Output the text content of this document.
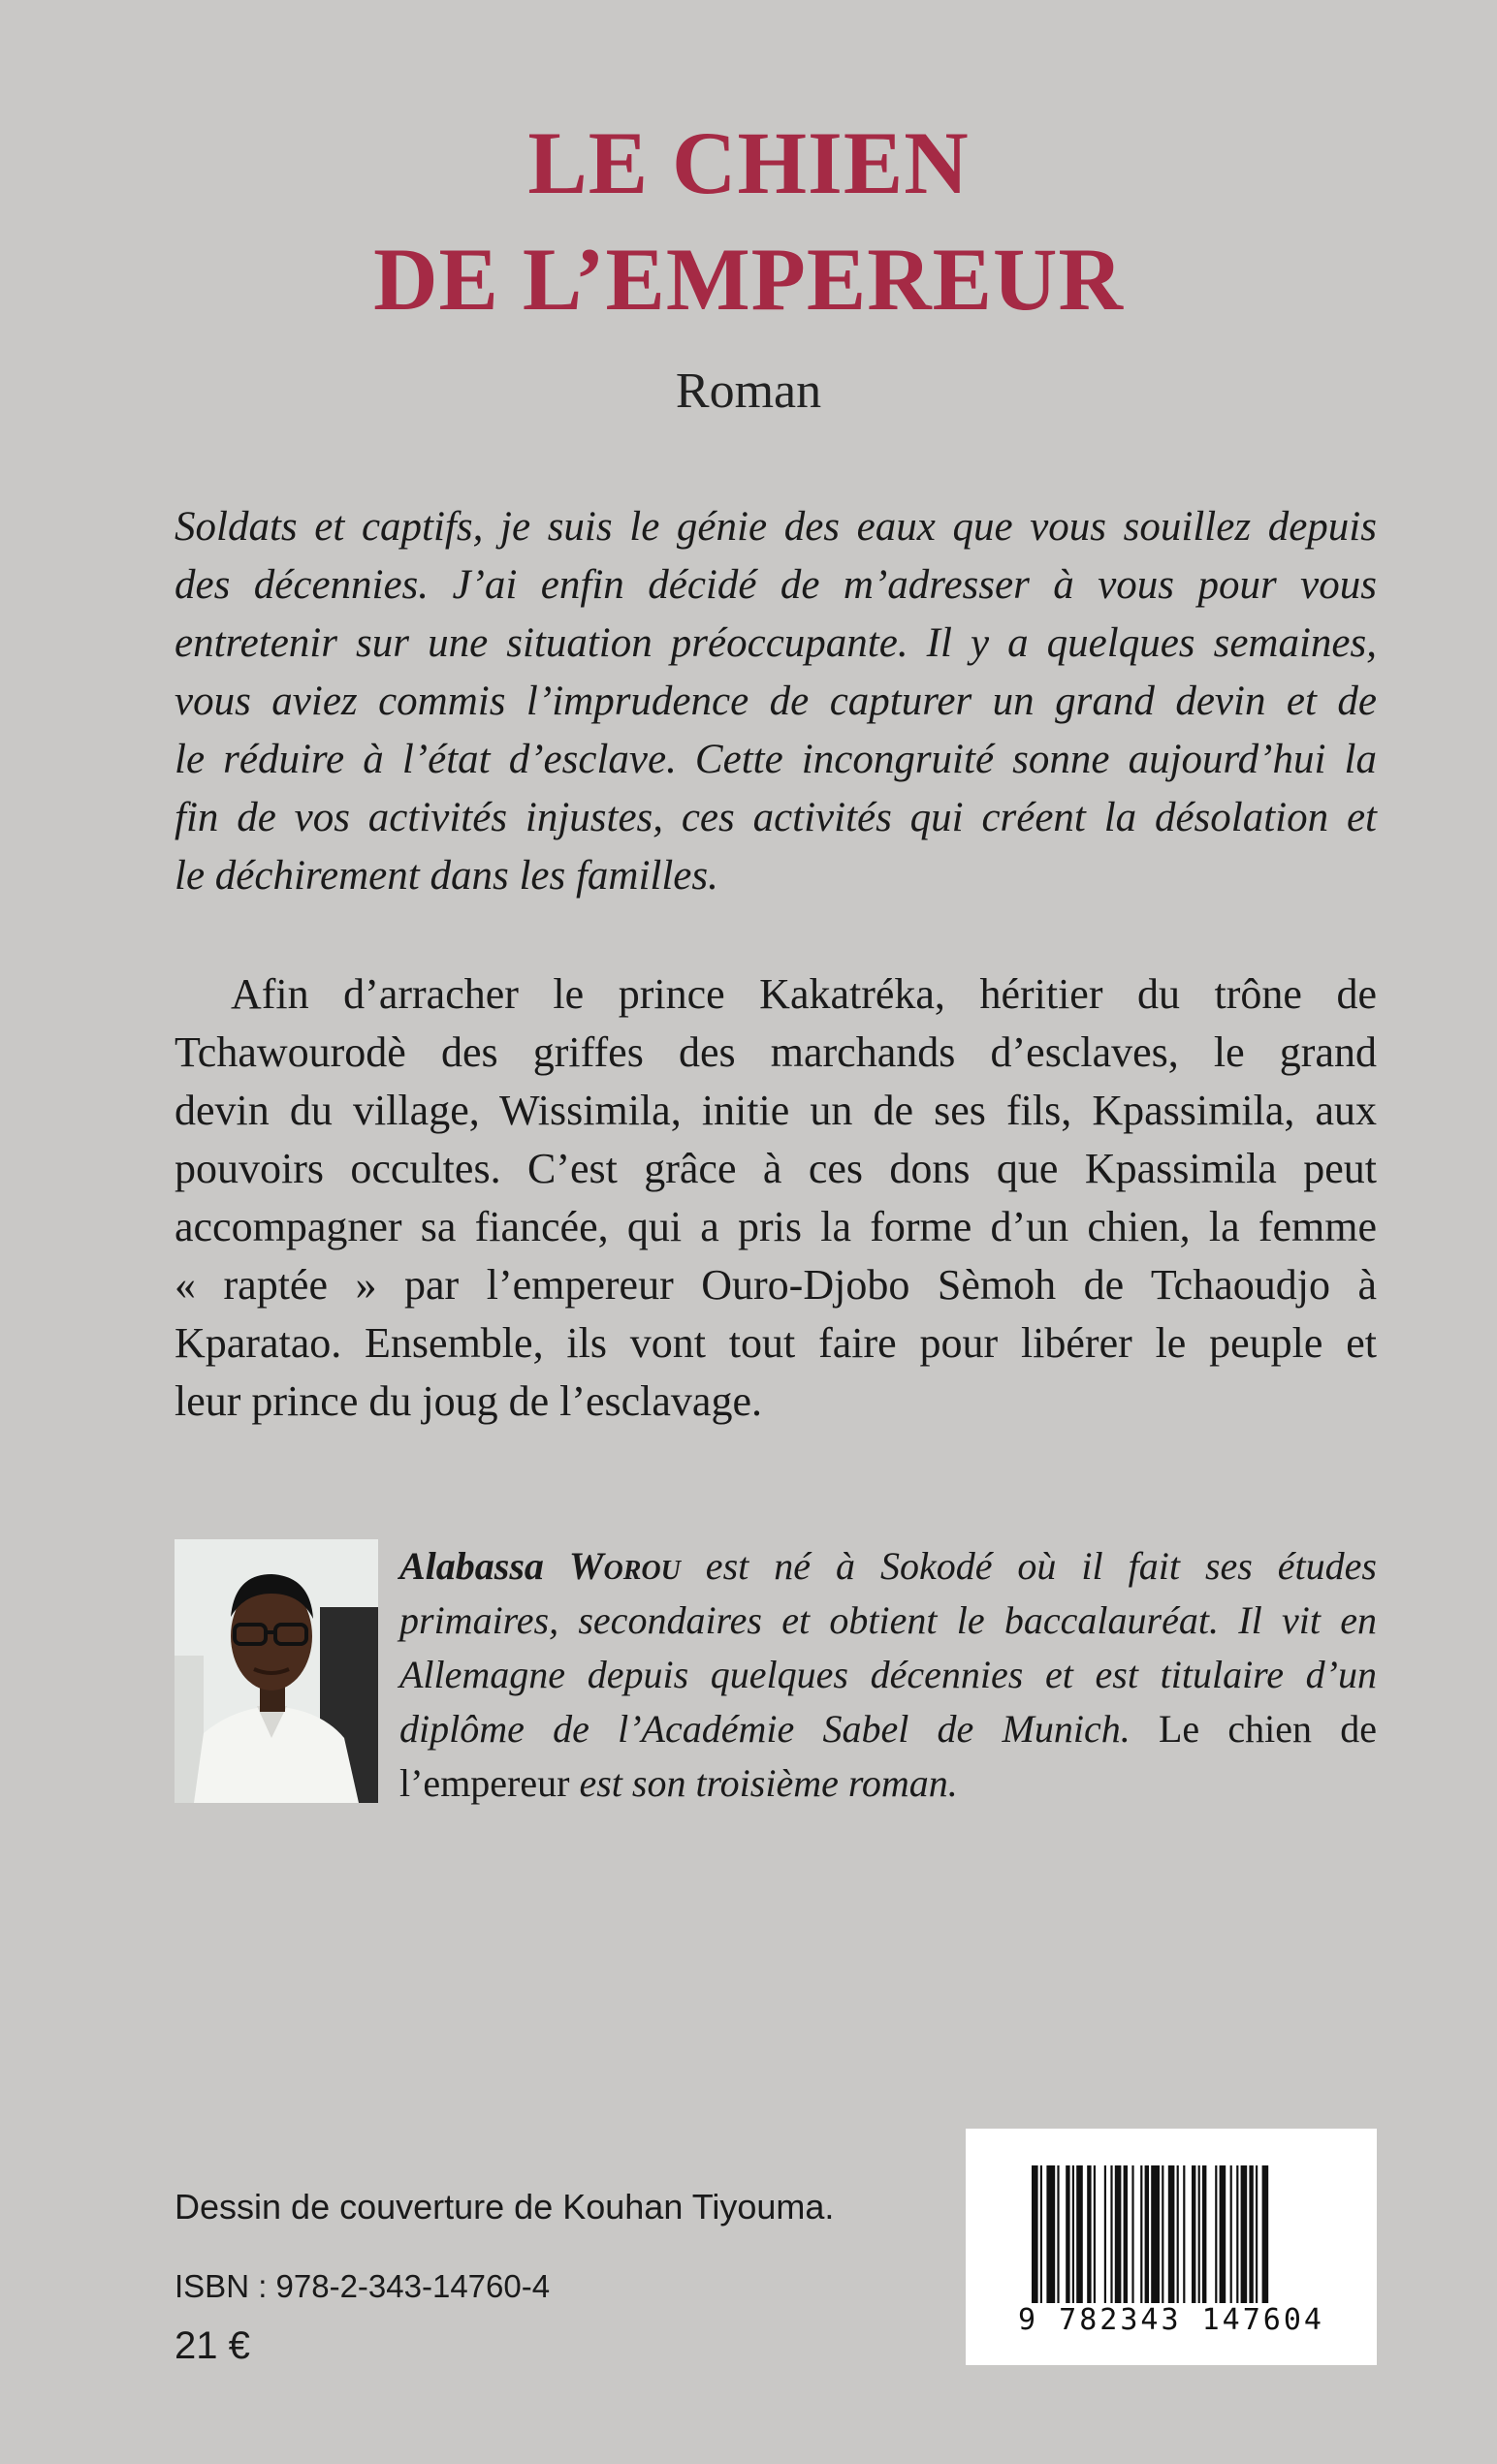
LE CHIEN
DE L’EMPEREUR
Roman
Soldats et captifs, je suis le génie des eaux que vous souillez depuis
des décennies. J’ai enfin décidé de m’adresser à vous pour vous
entretenir sur une situation préoccupante. Il y a quelques semaines,
vous aviez commis l’imprudence de capturer un grand devin et de
le réduire à l’état d’esclave. Cette incongruité sonne aujourd’hui la
fin de vos activités injustes, ces activités qui créent la désolation et
le déchirement dans les familles.
Afin d’arracher le prince Kakatréka, héritier du trône de
Tchawourodè des griffes des marchands d’esclaves, le grand
devin du village, Wissimila, initie un de ses fils, Kpassimila, aux
pouvoirs occultes. C’est grâce à ces dons que Kpassimila peut
accompagner sa fiancée, qui a pris la forme d’un chien, la femme
« raptée » par l’empereur Ouro-Djobo Sèmoh de Tchaoudjo à
Kparatao. Ensemble, ils vont tout faire pour libérer le peuple et
leur prince du joug de l’esclavage.
Alabassa Worou est né à Sokodé où il fait ses études
primaires, secondaires et obtient le baccalauréat. Il vit en
Allemagne depuis quelques décennies et est titulaire d’un
diplôme de l’Académie Sabel de Munich. Le chien de
l’empereur est son troisième roman.
Dessin de couverture de Kouhan Tiyouma.
ISBN : 978-2-343-14760-4
21 €
9 782343 147604
